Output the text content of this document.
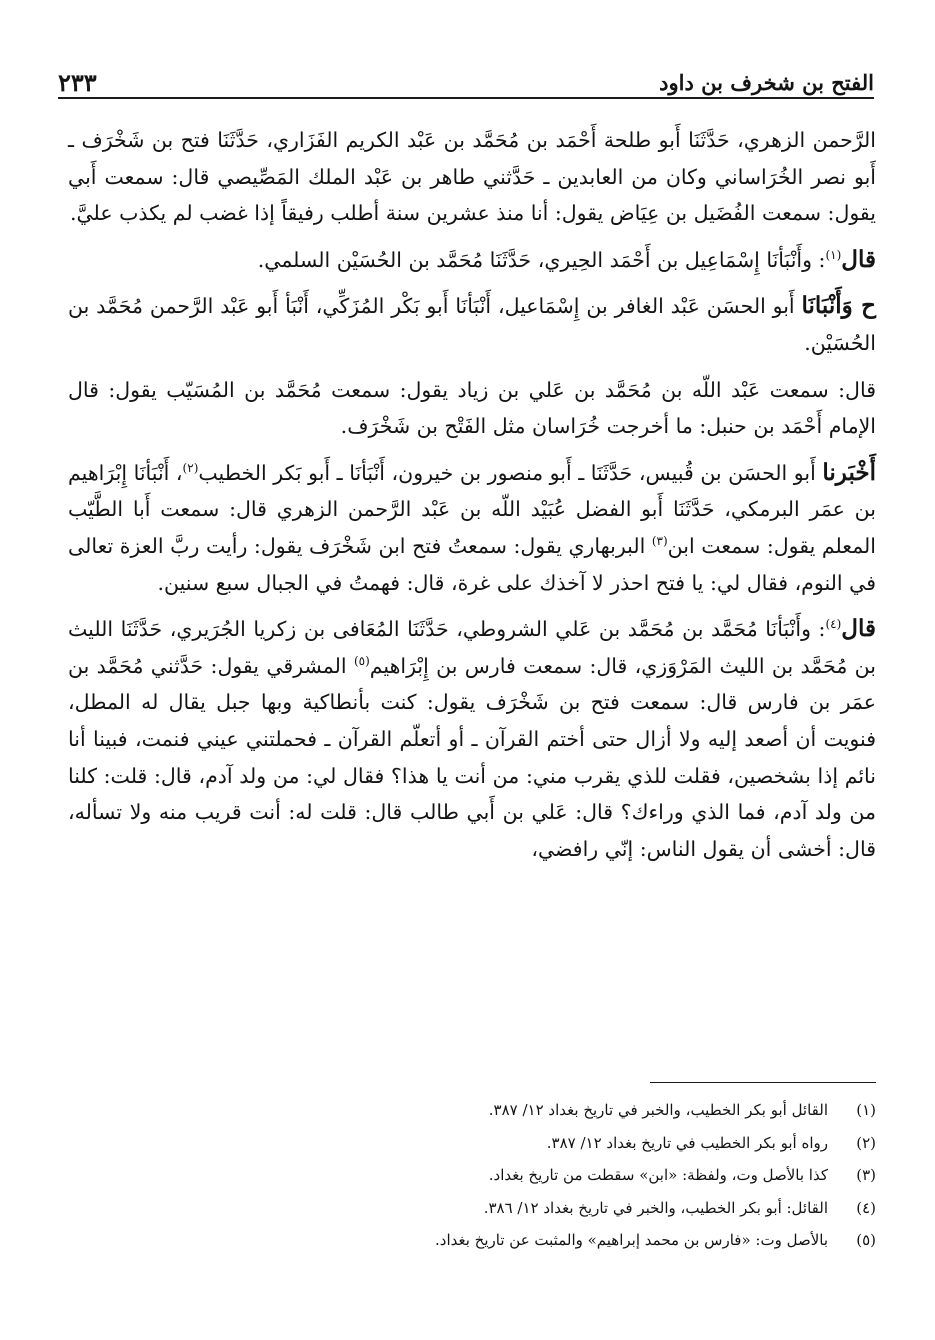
الفتح بن شخرف بن داود
٢٣٣

الرَّحمن الزهري، حَدَّثَنَا أَبو طلحة أَحْمَد بن مُحَمَّد بن عَبْد الكريم الفَزَاري، حَدَّثَنَا فتح بن شَخْرَف ـ أَبو نصر الخُرَاساني وكان من العابدين ـ حَدَّثني طاهر بن عَبْد الملك المَصِّيصي قال: سمعت أَبي يقول: سمعت الفُضَيل بن عِيَاض يقول: أنا منذ عشرين سنة أطلب رفيقاً إذا غضب لم يكذب عليَّ.

قال$^{(١)}$: وأَنْبَأنَا إِسْمَاعِيل بن أَحْمَد الحِيري، حَدَّثَنَا مُحَمَّد بن الحُسَيْن السلمي.

ح وَأَنْبَانَا أَبو الحسَن عَبْد الغافر بن إِسْمَاعيل، أَنْبَأنَا أَبو بَكْر المُزَكِّي، أَنْبَأ أَبو عَبْد الرَّحمن مُحَمَّد بن الحُسَيْن.

قال: سمعت عَبْد اللّه بن مُحَمَّد بن عَلي بن زياد يقول: سمعت مُحَمَّد بن المُسَيّب يقول: قال الإمام أَحْمَد بن حنبل: ما أخرجت خُرَاسان مثل الفَتْح بن شَخْرَف.

أَخْبَرنا أَبو الحسَن بن قُبيس، حَدَّثَنَا ـ أَبو منصور بن خيرون، أَنْبَأنَا ـ أَبو بَكر الخطيب$^{(٢)}$، أَنْبَأنَا إِبْرَاهيم بن عمَر البرمكي، حَدَّثَنَا أَبو الفضل عُبَيْد اللّه بن عَبْد الرَّحمن الزهري قال: سمعت أَبا الطَّيّب المعلم يقول: سمعت ابن$^{(٣)}$ البربهاري يقول: سمعتُ فتح ابن شَخْرَف يقول: رأيت ربَّ العزة تعالى في النوم، فقال لي: يا فتح احذر لا آخذك على غرة، قال: فهمتُ في الجبال سبع سنين.

قال$^{(٤)}$: وأَنْبَأنَا مُحَمَّد بن مُحَمَّد بن عَلي الشروطي، حَدَّثَنَا المُعَافى بن زكريا الجُرَيري، حَدَّثَنَا الليث بن مُحَمَّد بن الليث المَرْوَزي، قال: سمعت فارس بن إِبْرَاهيم$^{(٥)}$ المشرقي يقول: حَدَّثني مُحَمَّد بن عمَر بن فارس قال: سمعت فتح بن شَخْرَف يقول: كنت بأنطاكية وبها جبل يقال له المطل، فنويت أن أصعد إليه ولا أزال حتى أختم القرآن ـ أو أتعلّم القرآن ـ فحملتني عيني فنمت، فبينا أنا نائم إذا بشخصين، فقلت للذي يقرب مني: من أنت يا هذا؟ فقال لي: من ولد آدم، قال: قلت: كلنا من ولد آدم، فما الذي وراءك؟ قال: عَلي بن أَبي طالب قال: قلت له: أنت قريب منه ولا تسأله، قال: أخشى أن يقول الناس: إنّي رافضي،

(١)
القائل أبو بكر الخطيب، والخبر في تاريخ بغداد ١٢/ ٣٨٧.
(٢)
رواه أبو بكر الخطيب في تاريخ بغداد ١٢/ ٣٨٧.
(٣)
كذا بالأصل وت، ولفظة: «ابن» سقطت من تاريخ بغداد.
(٤)
القائل: أبو بكر الخطيب، والخبر في تاريخ بغداد ١٢/ ٣٨٦.
(٥)
بالأصل وت: «فارس بن محمد إبراهيم» والمثبت عن تاريخ بغداد.
